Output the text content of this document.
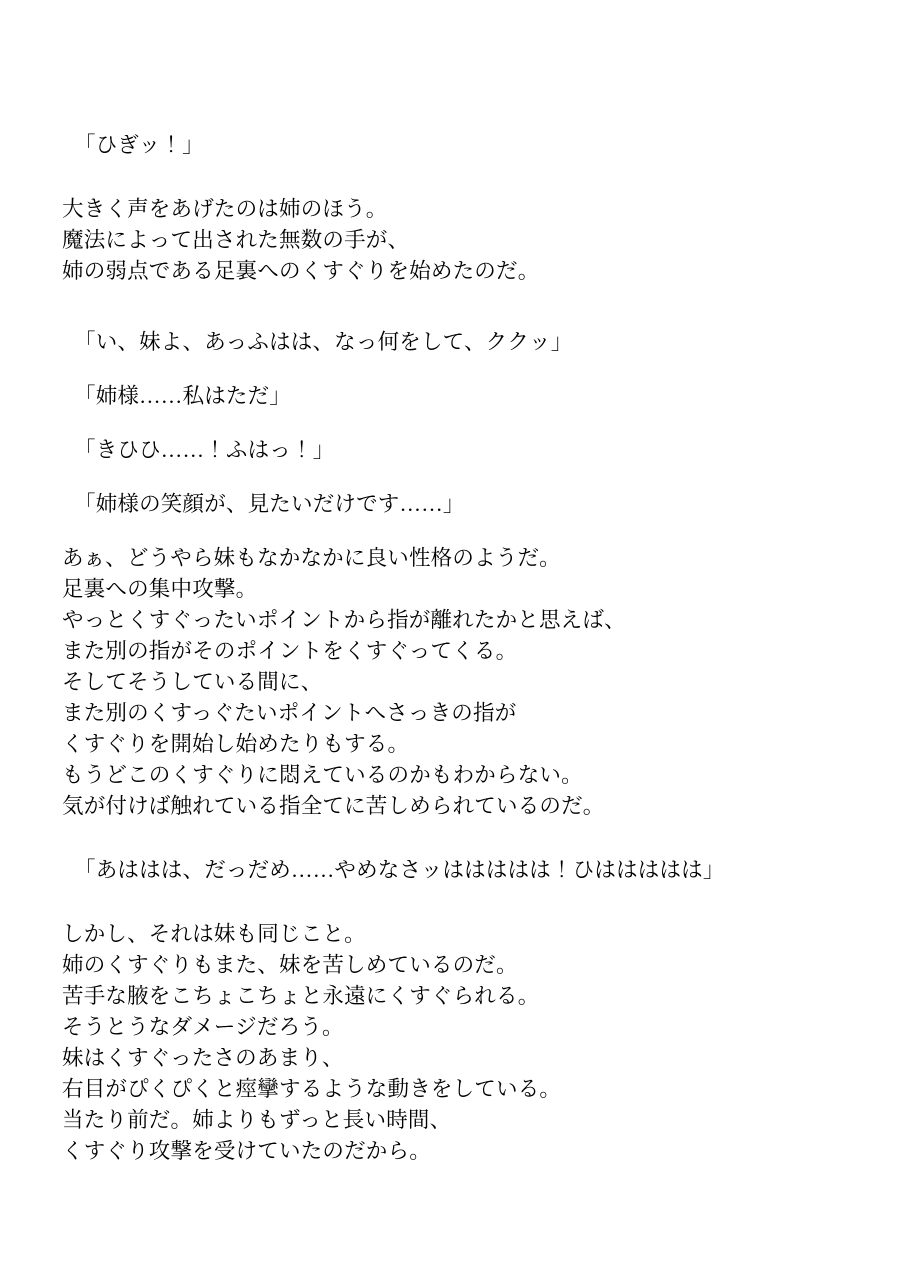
「ひぎッ！」
大きく声をあげたのは姉のほう。
魔法によって出された無数の手が、
姉の弱点である足裏へのくすぐりを始めたのだ。
「い、妹よ、あっふはは、なっ何をして、ククッ」
「姉様……私はただ」
「きひひ……！ふはっ！」
「姉様の笑顔が、見たいだけです……」
あぁ、どうやら妹もなかなかに良い性格のようだ。
足裏への集中攻撃。
やっとくすぐったいポイントから指が離れたかと思えば、
また別の指がそのポイントをくすぐってくる。
そしてそうしている間に、
また別のくすっぐたいポイントへさっきの指が
くすぐりを開始し始めたりもする。
もうどこのくすぐりに悶えているのかもわからない。
気が付けば触れている指全てに苦しめられているのだ。
「あははは、だっだめ……やめなさッははははは！ひははははは」
しかし、それは妹も同じこと。
姉のくすぐりもまた、妹を苦しめているのだ。
苦手な腋をこちょこちょと永遠にくすぐられる。
そうとうなダメージだろう。
妹はくすぐったさのあまり、
右目がぴくぴくと痙攣するような動きをしている。
当たり前だ。姉よりもずっと長い時間、
くすぐり攻撃を受けていたのだから。
